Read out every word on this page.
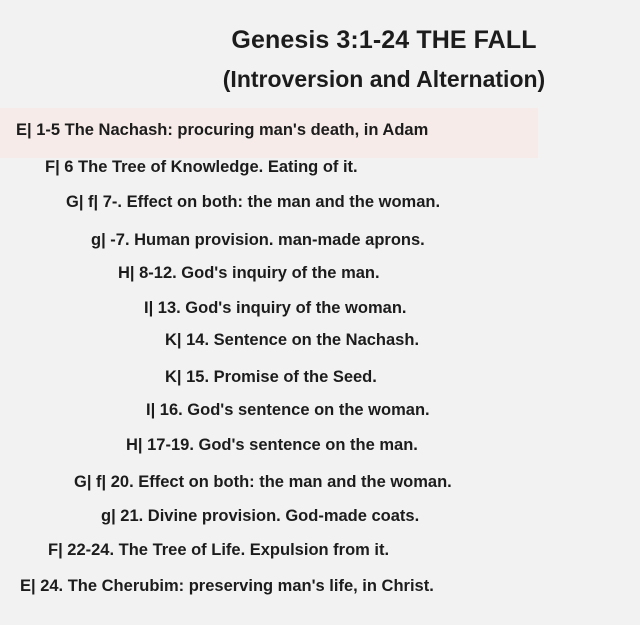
Genesis 3:1-24 THE FALL
(Introversion and Alternation)
E| 1-5 The Nachash: procuring man's death, in Adam
F| 6 The Tree of Knowledge. Eating of it.
G| f| 7-. Effect on both: the man and the woman.
g| -7. Human provision. man-made aprons.
H| 8-12. God's inquiry of the man.
I| 13. God's inquiry of the woman.
K| 14. Sentence on the Nachash.
K| 15. Promise of the Seed.
I| 16. God's sentence on the woman.
H| 17-19. God's sentence on the man.
G| f| 20. Effect on both: the man and the woman.
g| 21. Divine provision. God-made coats.
F| 22-24. The Tree of Life. Expulsion from it.
E| 24. The Cherubim: preserving man's life, in Christ.
